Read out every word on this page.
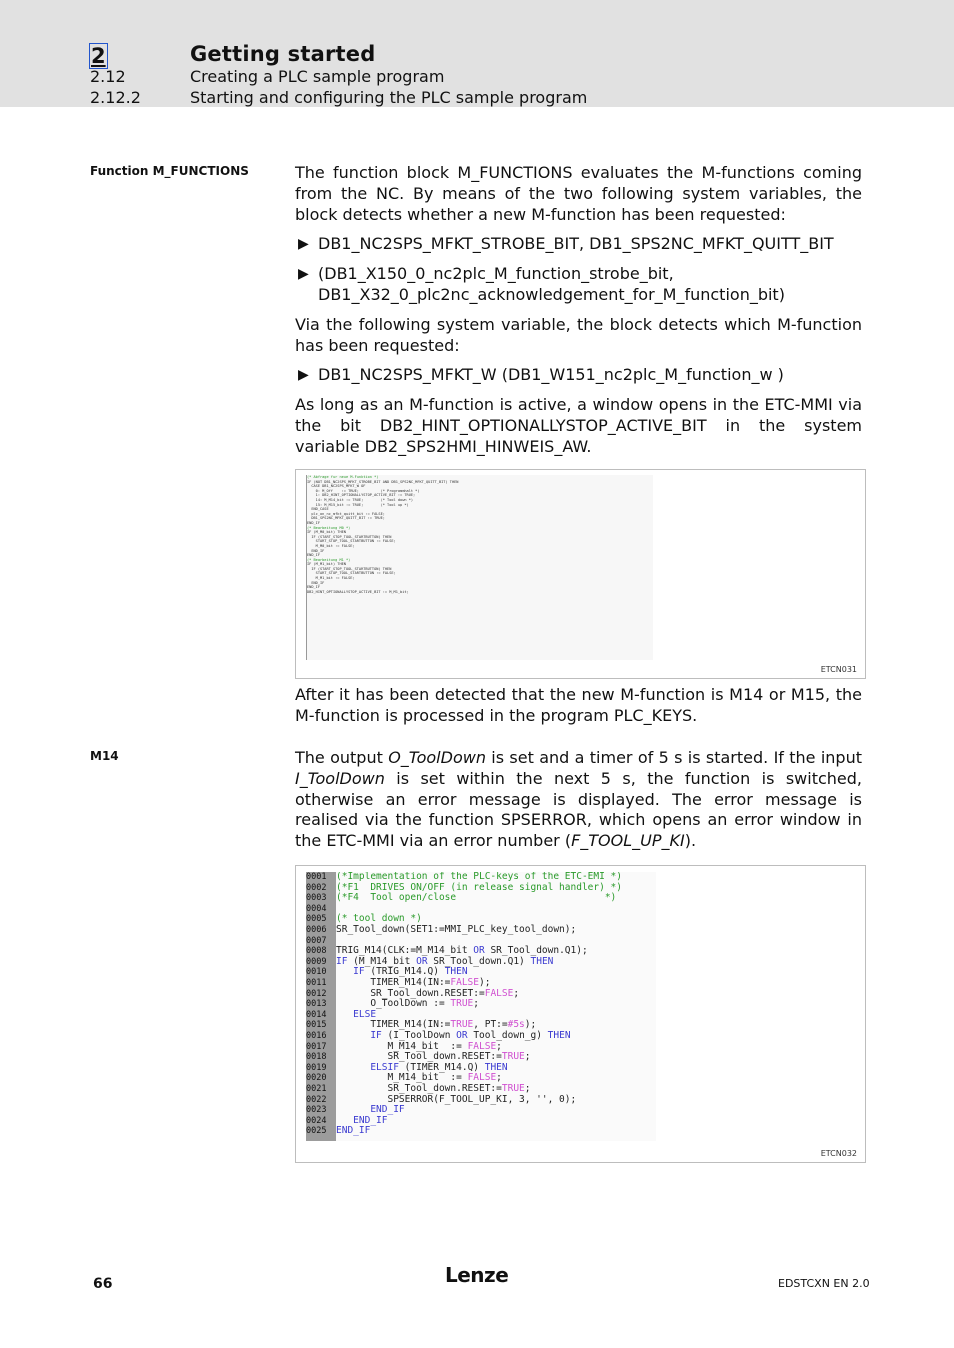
2	Getting started
2.12	Creating a PLC sample program
2.12.2	Starting and configuring the PLC sample program
Function M_FUNCTIONS
M14
The function block M_FUNCTIONS evaluates the M-functions coming from the NC. By means of the two following system variables, the block detects whether a new M-function has been requested:
▶ DB1_NC2SPS_MFKT_STROBE_BIT, DB1_SPS2NC_MFKT_QUITT_BIT
▶ (DB1_X150_0_nc2plc_M_function_strobe_bit,
DB1_X32_0_plc2nc_acknowledgement_for_M_function_bit)
Via the following system variable, the block detects which M-function has been requested:
▶ DB1_NC2SPS_MFKT_W (DB1_W151_nc2plc_M_function_w )
As long as an M-function is active, a window opens in the ETC-MMI via the bit DB2_HINT_OPTIONALLYSTOP_ACTIVE_BIT in the system variable DB2_SPS2HMI_HINWEIS_AW.
(* Abfrage fur neue M-Funktion *)
IF (NOT DB1_NC2SPS_MFKT_STROBE_BIT AND DB1_SPS2NC_MFKT_QUITT_BIT) THEN
CASE DB1_NC2SPS_MFKT_W OF
0: M_Off    := TRUE;          (* Programmhalt *)
1: DB2_HINT_OPTIONALLYSTOP_ACTIVE_BIT := TRUE;
14: M_M14_bit := TRUE;        (* Tool down *)
15: M_M15_bit := TRUE;        (* Tool up *)
END_CASE
plc_on_nc_mfkt_quitt_bit := FALSE;
DB1_SPS2NC_MFKT_QUITT_BIT := TRUE;
END_IF
(* Bearbeitung M0 *)
IF (M_M0_bit) THEN
IF (START_STOP_TOOL_STARTBUTTON) THEN
START_STOP_TOOL_STARTBUTTON := FALSE;
M_M0_bit := FALSE;
END_IF
END_IF
(* Bearbeitung M1 *)
IF (M_M1_bit) THEN
IF (START_STOP_TOOL_STARTBUTTON) THEN
START_STOP_TOOL_STARTBUTTON := FALSE;
M_M1_bit := FALSE;
END_IF
END_IF
DB2_HINT_OPTIONALLYSTOP_ACTIVE_BIT := M_M1_bit;
ETCN031
After it has been detected that the new M-function is M14 or M15, the M-function is processed in the program PLC_KEYS.
The output O_ToolDown is set and a timer of 5 s is started. If the input I_ToolDown is set within the next 5 s, the function is switched, otherwise an error message is displayed. The error message is realised via the function SPSERROR, which opens an error window in the ETC-MMI via an error number (F_TOOL_UP_KI).
0001 (*Implementation of the PLC-keys of the ETC-EMI *)
0002 (*F1  DRIVES ON/OFF (in release signal handler) *)
0003 (*F4  Tool open/close                          *)
0004
0005 (* tool down *)
0006 SR_Tool_down(SET1:=MMI_PLC_key_tool_down);
0007
0008 TRIG_M14(CLK:=M_M14_bit OR SR_Tool_down.Q1);
0009 IF (M_M14_bit OR SR_Tool_down.Q1) THEN
0010	IF (TRIG_M14.Q) THEN
0011      TIMER_M14(IN:=FALSE);
0012      SR_Tool_down.RESET:=FALSE;
0013      O_ToolDown := TRUE;
0014	ELSE
0015      TIMER_M14(IN:=TRUE, PT:=#5s);
0016	IF (I_ToolDown OR Tool_down_g) THEN
0017         M_M14_bit  := FALSE;
0018         SR_Tool_down.RESET:=TRUE;
0019	ELSIF (TIMER_M14.Q) THEN
0020         M_M14_bit  := FALSE;
0021         SR_Tool_down.RESET:=TRUE;
0022         SPSERROR(F_TOOL_UP_KI, 3, '', 0);
0023	END_IF
0024	END_IF
0025 END_IF
ETCN032
66	Lenze	EDSTCXN EN 2.0
